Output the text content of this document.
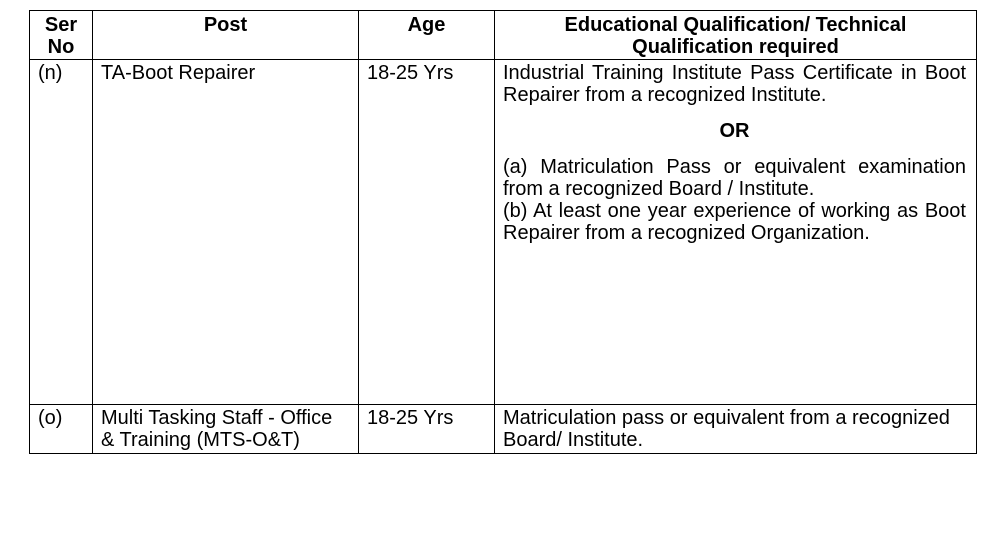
Ser No	Post	Age	Educational Qualification/ Technical Qualification required
(n)	TA-Boot Repairer	18-25 Yrs	Industrial Training Institute Pass Certificate in Boot Repairer from a recognized Institute.

OR

(a) Matriculation Pass or equivalent examination from a recognized Board / Institute.

(b) At least one year experience of working as Boot Repairer from a recognized Organization.

(o)	Multi Tasking Staff - Office & Training (MTS-O&T)	18-25 Yrs	Matriculation pass or equivalent from a recognized Board/ Institute.
